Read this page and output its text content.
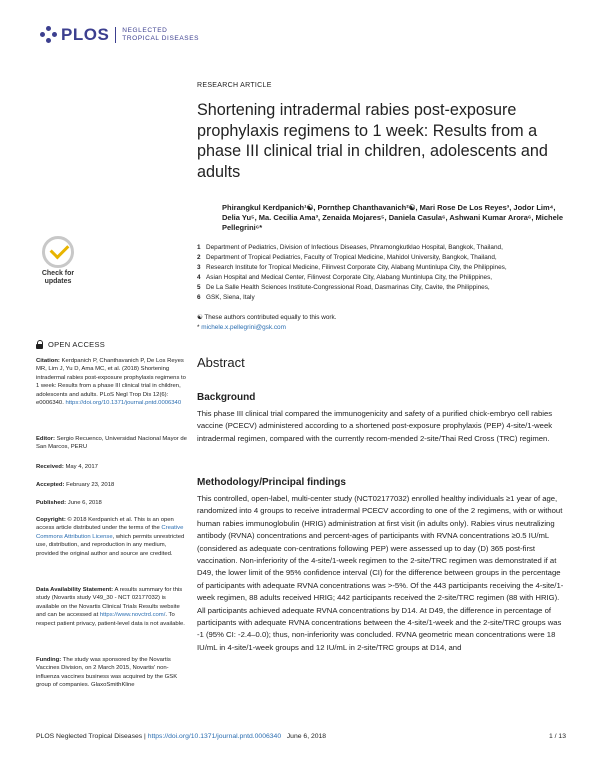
PLOS NEGLECTED
TROPICAL DISEASES
Check for
updates
OPEN ACCESS
Citation: Kerdpanich P, Chanthavanich P, De Los Reyes MR, Lim J, Yu D, Ama MC, et al. (2018) Shortening intradermal rabies post-exposure prophylaxis regimens to 1 week: Results from a phase III clinical trial in children, adolescents and adults. PLoS Negl Trop Dis 12(6): e0006340. https://doi.org/10.1371/journal.pntd.0006340
Editor: Sergio Recuenco, Universidad Nacional Mayor de San Marcos, PERU
Received: May 4, 2017
Accepted: February 23, 2018
Published: June 6, 2018
Copyright: © 2018 Kerdpanich et al. This is an open access article distributed under the terms of the Creative Commons Attribution License, which permits unrestricted use, distribution, and reproduction in any medium, provided the original author and source are credited.
Data Availability Statement: A results summary for this study (Novartis study V49_30 - NCT 02177032) is available on the Novartis Clinical Trials Results website and can be accessed at https://www.novctrd.com/. To respect patient privacy, patient-level data is not available.
Funding: The study was sponsored by the Novartis Vaccines Division, on 2 March 2015, Novartis' non-influenza vaccines business was acquired by the GSK group of companies. GlaxoSmithKline
RESEARCH ARTICLE
Shortening intradermal rabies post-exposure prophylaxis regimens to 1 week: Results from a phase III clinical trial in children, adolescents and adults
Phirangkul Kerdpanich¹☯, Pornthep Chanthavanich²☯, Mari Rose De Los Reyes³, Jodor Lim⁴, Delia Yu⁵, Ma. Cecilia Ama³, Zenaida Mojares⁵, Daniela Casula⁶, Ashwani Kumar Arora⁶, Michele Pellegrini⁶*
1 Department of Pediatrics, Division of Infectious Diseases, Phramongkutklao Hospital, Bangkok, Thailand,
2 Department of Tropical Pediatrics, Faculty of Tropical Medicine, Mahidol University, Bangkok, Thailand,
3 Research Institute for Tropical Medicine, Filinvest Corporate City, Alabang Muntinlupa City, the Philippines,
4 Asian Hospital and Medical Center, Filinvest Corporate City, Alabang Muntinlupa City, the Philippines,
5 De La Salle Health Sciences Institute-Congressional Road, Dasmarinas City, Cavite, the Philippines,
6 GSK, Siena, Italy
☯ These authors contributed equally to this work.
* michele.x.pellegrini@gsk.com
Abstract
Background
This phase III clinical trial compared the immunogenicity and safety of a purified chick-embryo cell rabies vaccine (PCECV) administered according to a shortened post-exposure prophylaxis (PEP) 4-site/1-week intradermal regimen, compared with the currently recom-mended 2-site/Thai Red Cross (TRC) regimen.
Methodology/Principal findings
This controlled, open-label, multi-center study (NCT02177032) enrolled healthy individuals ≥1 year of age, randomized into 4 groups to receive intradermal PCECV according to one of the 2 regimens, with or without human rabies immunoglobulin (HRIG) administration at first visit (in adults only). Rabies virus neutralizing antibody (RVNA) concentrations and percent-ages of participants with RVNA concentrations ≥0.5 IU/mL (considered as adequate con-centrations following PEP) were assessed up to day (D) 365 post-first vaccination. Non-inferiority of the 4-site/1-week regimen to the 2-site/TRC regimen was demonstrated if at D49, the lower limit of the 95% confidence interval (CI) for the difference between groups in the percentage of participants with adequate RVNA concentrations was >-5%. Of the 443 participants receiving the 4-site/1-week regimen, 88 adults received HRIG; 442 participants received the 2-site/TRC regimen (88 with HRIG). All participants achieved adequate RVNA concentrations by D14. At D49, the difference in percentage of participants with adequate RVNA concentrations between the 4-site/1-week and the 2-site/TRC groups was -1 (95% CI: -2.4–0.0); thus, non-inferiority was concluded. RVNA geometric mean concentrations were 18 IU/mL in 4-site/1-week groups and 12 IU/mL in 2-site/TRC groups at D14, and
PLOS Neglected Tropical Diseases | https://doi.org/10.1371/journal.pntd.0006340 June 6, 2018	1 / 13
